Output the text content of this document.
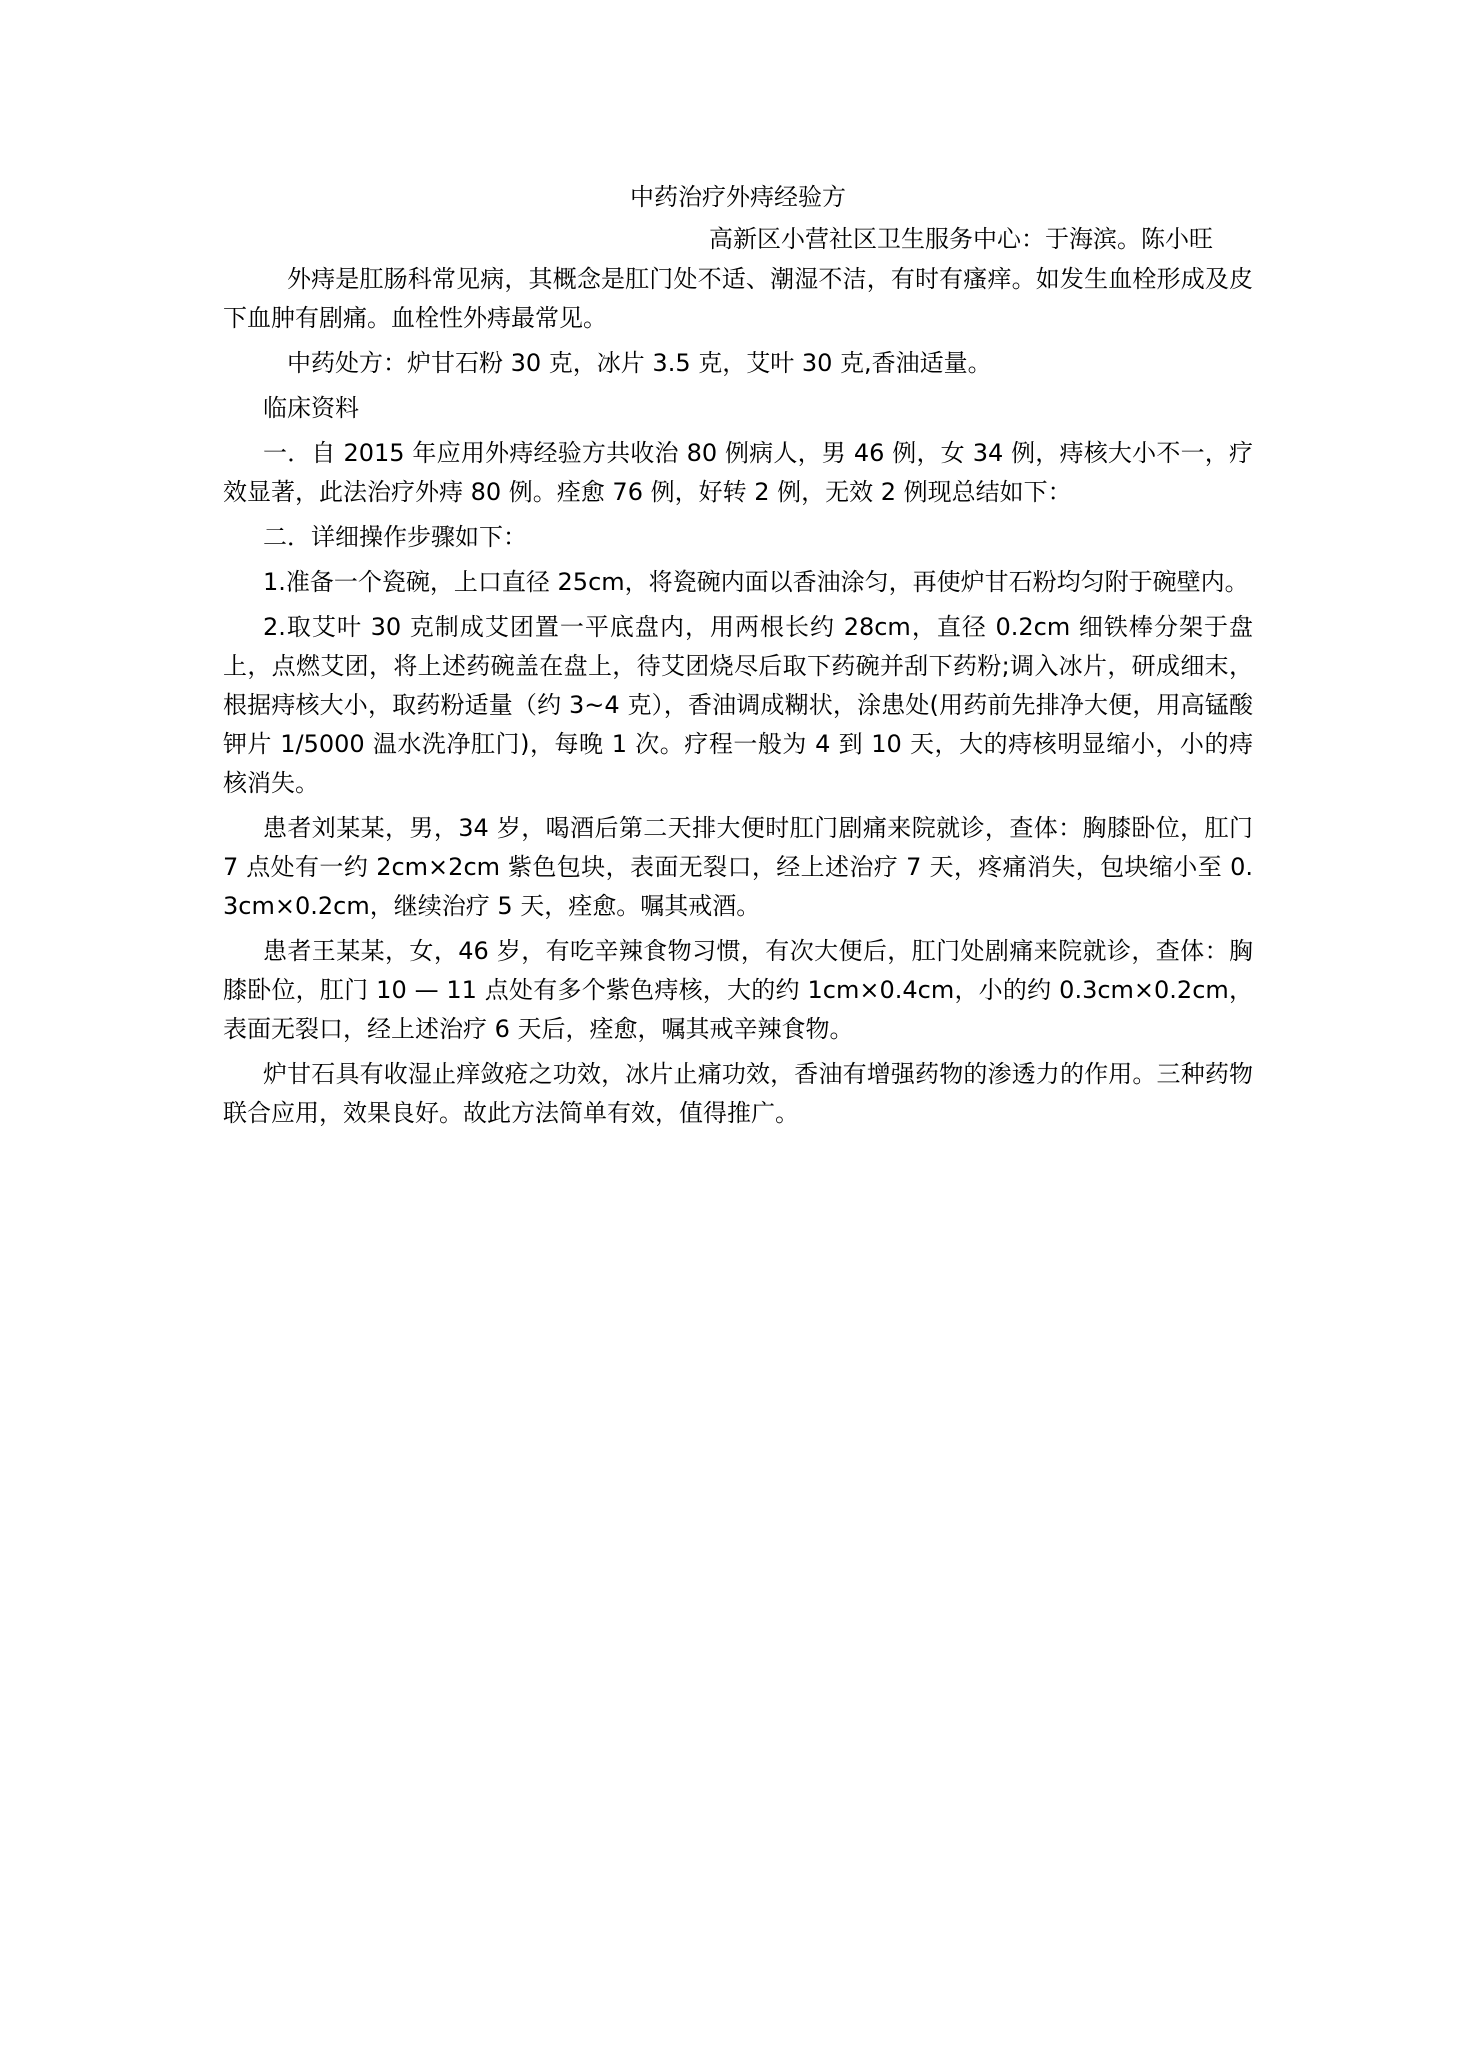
中药治疗外痔经验方

高新区小营社区卫生服务中心：于海滨。陈小旺

外痔是肛肠科常见病，其概念是肛门处不适、潮湿不洁，有时有瘙痒。如发生血栓形成及皮下血肿有剧痛。血栓性外痔最常见。

中药处方：炉甘石粉 30 克，冰片 3.5 克，艾叶 30 克,香油适量。

临床资料

一．自 2015 年应用外痔经验方共收治 80 例病人，男 46 例，女 34 例，痔核大小不一，疗效显著，此法治疗外痔 80 例。痊愈 76 例，好转 2 例，无效 2 例现总结如下：

二．详细操作步骤如下：

1.准备一个瓷碗，上口直径 25cm，将瓷碗内面以香油涂匀，再使炉甘石粉均匀附于碗壁内。

2.取艾叶 30 克制成艾团置一平底盘内，用两根长约 28cm，直径 0.2cm 细铁棒分架于盘上，点燃艾团，将上述药碗盖在盘上，待艾团烧尽后取下药碗并刮下药粉;调入冰片，研成细末，根据痔核大小，取药粉适量（约 3~4 克），香油调成糊状，涂患处(用药前先排净大便，用高锰酸钾片 1/5000 温水洗净肛门)，每晚 1 次。疗程一般为 4 到 10 天，大的痔核明显缩小，小的痔核消失。

患者刘某某，男，34 岁，喝酒后第二天排大便时肛门剧痛来院就诊，查体：胸膝卧位，肛门 7 点处有一约 2cm×2cm 紫色包块，表面无裂口，经上述治疗 7 天，疼痛消失，包块缩小至 0.3cm×0.2cm，继续治疗 5 天，痊愈。嘱其戒酒。

患者王某某，女，46 岁，有吃辛辣食物习惯，有次大便后，肛门处剧痛来院就诊，查体：胸膝卧位，肛门 10 — 11 点处有多个紫色痔核，大的约 1cm×0.4cm，小的约 0.3cm×0.2cm，表面无裂口，经上述治疗 6 天后，痊愈，嘱其戒辛辣食物。

炉甘石具有收湿止痒敛疮之功效，冰片止痛功效，香油有增强药物的渗透力的作用。三种药物联合应用，效果良好。故此方法简单有效，值得推广。
